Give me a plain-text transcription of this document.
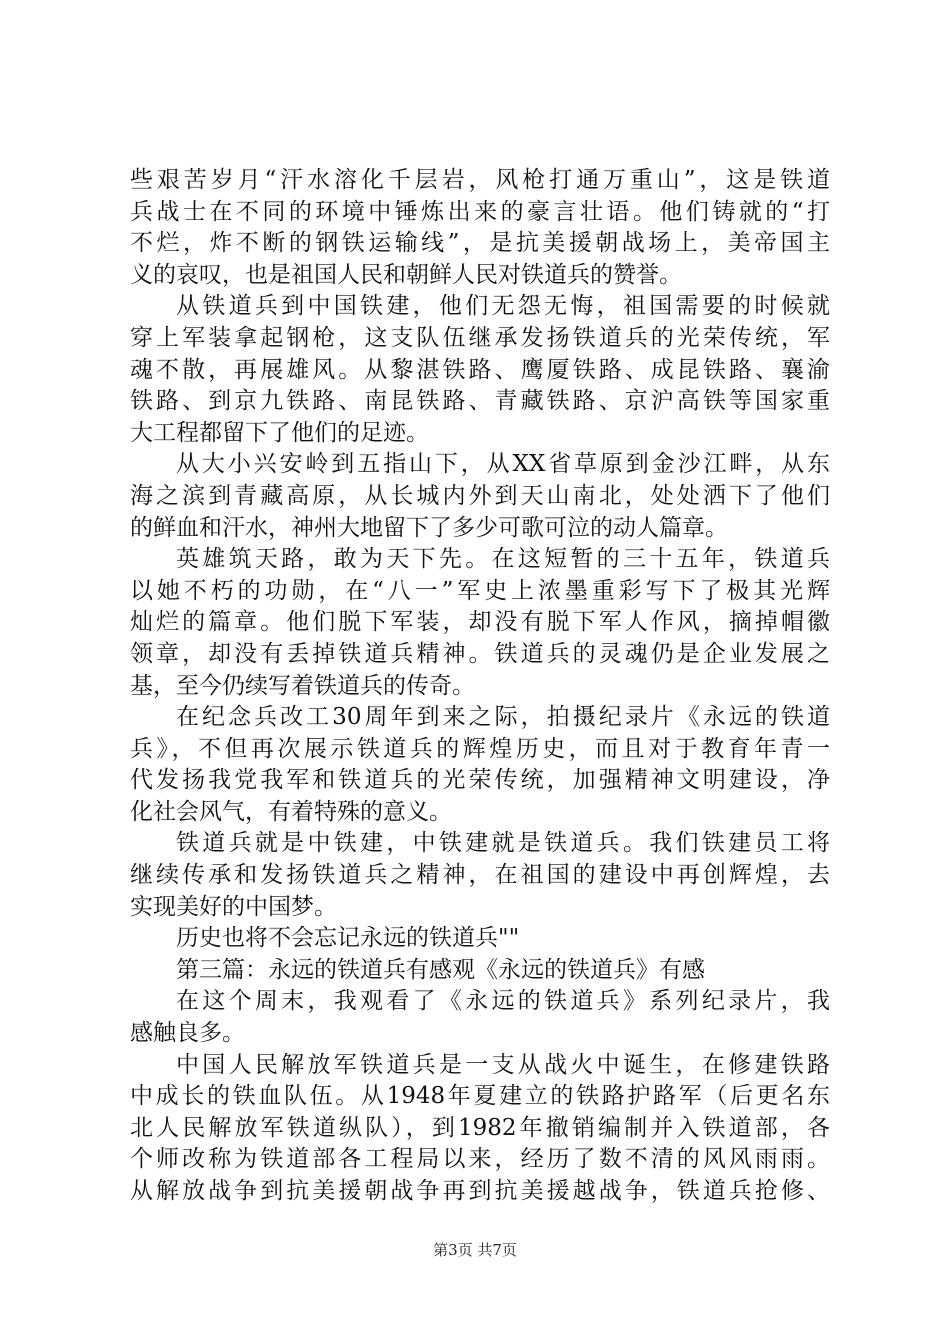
些艰苦岁月“汗水溶化千层岩，风枪打通万重山”，这是铁道
兵战士在不同的环境中锤炼出来的豪言壮语。他们铸就的“打
不烂，炸不断的钢铁运输线”，是抗美援朝战场上，美帝国主
义的哀叹，也是祖国人民和朝鲜人民对铁道兵的赞誉。
从铁道兵到中国铁建，他们无怨无悔，祖国需要的时候就
穿上军装拿起钢枪，这支队伍继承发扬铁道兵的光荣传统，军
魂不散，再展雄风。从黎湛铁路、鹰厦铁路、成昆铁路、襄渝
铁路、到京九铁路、南昆铁路、青藏铁路、京沪高铁等国家重
大工程都留下了他们的足迹。
从大小兴安岭到五指山下，从XX省草原到金沙江畔，从东
海之滨到青藏高原，从长城内外到天山南北，处处洒下了他们
的鲜血和汗水，神州大地留下了多少可歌可泣的动人篇章。
英雄筑天路，敢为天下先。在这短暂的三十五年，铁道兵
以她不朽的功勋，在“八一”军史上浓墨重彩写下了极其光辉
灿烂的篇章。他们脱下军装，却没有脱下军人作风，摘掉帽徽
领章，却没有丢掉铁道兵精神。铁道兵的灵魂仍是企业发展之
基，至今仍续写着铁道兵的传奇。
在纪念兵改工30周年到来之际，拍摄纪录片《永远的铁道
兵》，不但再次展示铁道兵的辉煌历史，而且对于教育年青一
代发扬我党我军和铁道兵的光荣传统，加强精神文明建设，净
化社会风气，有着特殊的意义。
铁道兵就是中铁建，中铁建就是铁道兵。我们铁建员工将
继续传承和发扬铁道兵之精神，在祖国的建设中再创辉煌，去
实现美好的中国梦。
历史也将不会忘记永远的铁道兵""
第三篇：永远的铁道兵有感观《永远的铁道兵》有感
在这个周末，我观看了《永远的铁道兵》系列纪录片，我
感触良多。
中国人民解放军铁道兵是一支从战火中诞生，在修建铁路
中成长的铁血队伍。从1948年夏建立的铁路护路军（后更名东
北人民解放军铁道纵队），到1982年撤销编制并入铁道部，各
个师改称为铁道部各工程局以来，经历了数不清的风风雨雨。
从解放战争到抗美援朝战争再到抗美援越战争，铁道兵抢修、
第3页 共7页
